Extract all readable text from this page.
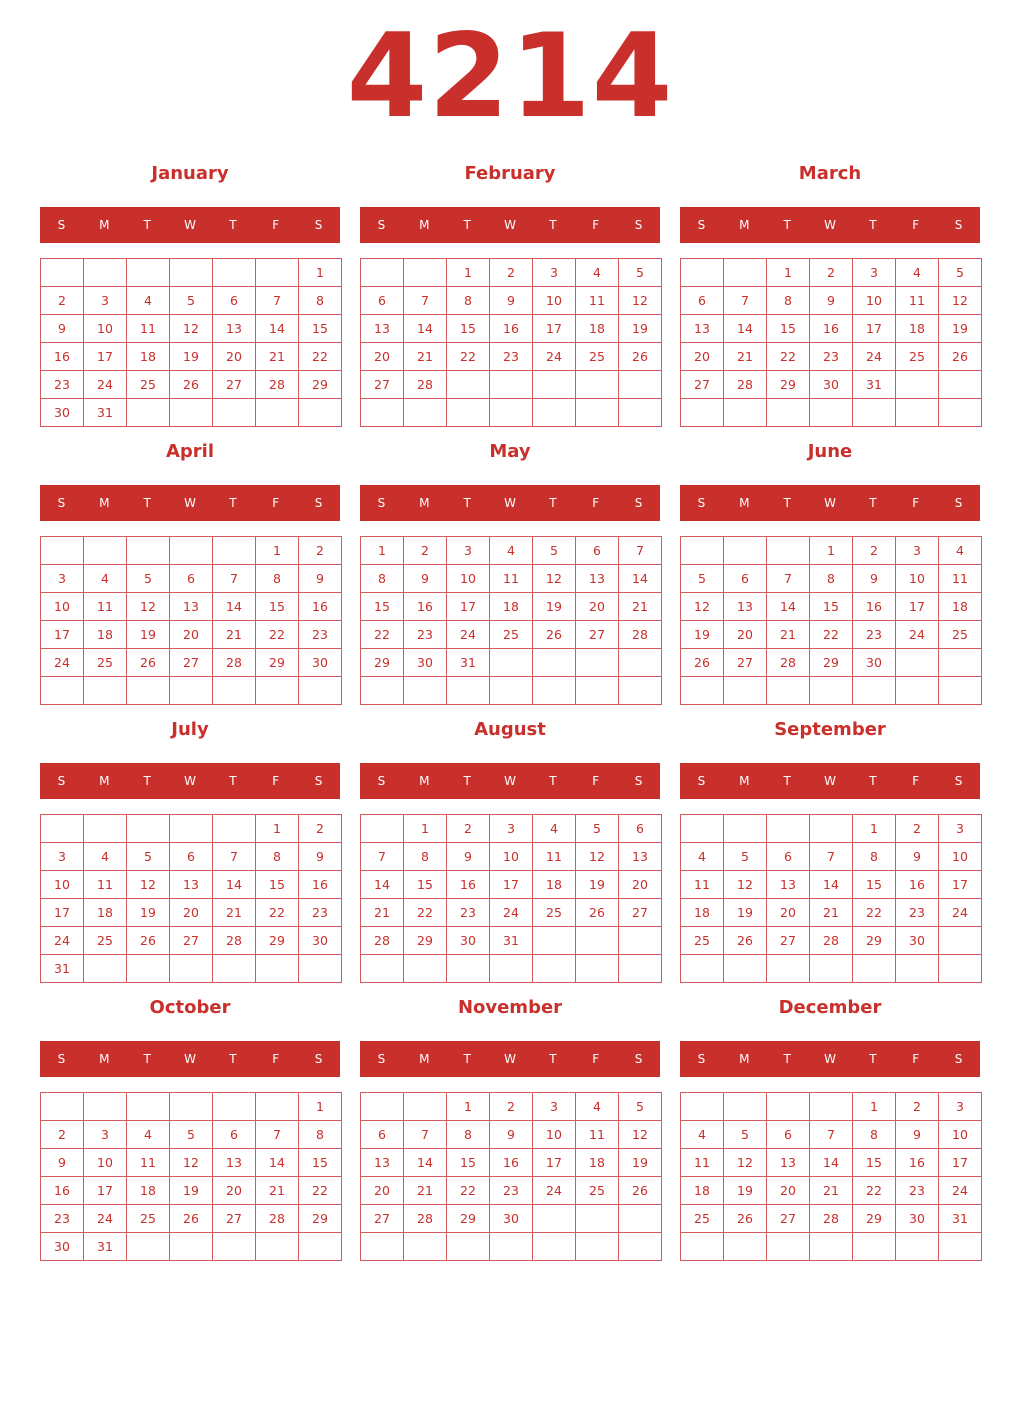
4214
January
S	M	T	W	T	F	S
						1
2	3	4	5	6	7	8
9	10	11	12	13	14	15
16	17	18	19	20	21	22
23	24	25	26	27	28	29
30	31					
February
S	M	T	W	T	F	S
		1	2	3	4	5
6	7	8	9	10	11	12
13	14	15	16	17	18	19
20	21	22	23	24	25	26
27	28					

March
S	M	T	W	T	F	S
		1	2	3	4	5
6	7	8	9	10	11	12
13	14	15	16	17	18	19
20	21	22	23	24	25	26
27	28	29	30	31		

April
S	M	T	W	T	F	S
					1	2
3	4	5	6	7	8	9
10	11	12	13	14	15	16
17	18	19	20	21	22	23
24	25	26	27	28	29	30

May
S	M	T	W	T	F	S
1	2	3	4	5	6	7
8	9	10	11	12	13	14
15	16	17	18	19	20	21
22	23	24	25	26	27	28
29	30	31				

June
S	M	T	W	T	F	S
			1	2	3	4
5	6	7	8	9	10	11
12	13	14	15	16	17	18
19	20	21	22	23	24	25
26	27	28	29	30		

July
S	M	T	W	T	F	S
					1	2
3	4	5	6	7	8	9
10	11	12	13	14	15	16
17	18	19	20	21	22	23
24	25	26	27	28	29	30
31						
August
S	M	T	W	T	F	S
	1	2	3	4	5	6
7	8	9	10	11	12	13
14	15	16	17	18	19	20
21	22	23	24	25	26	27
28	29	30	31			

September
S	M	T	W	T	F	S
				1	2	3
4	5	6	7	8	9	10
11	12	13	14	15	16	17
18	19	20	21	22	23	24
25	26	27	28	29	30	

October
S	M	T	W	T	F	S
						1
2	3	4	5	6	7	8
9	10	11	12	13	14	15
16	17	18	19	20	21	22
23	24	25	26	27	28	29
30	31					
November
S	M	T	W	T	F	S
		1	2	3	4	5
6	7	8	9	10	11	12
13	14	15	16	17	18	19
20	21	22	23	24	25	26
27	28	29	30			

December
S	M	T	W	T	F	S
				1	2	3
4	5	6	7	8	9	10
11	12	13	14	15	16	17
18	19	20	21	22	23	24
25	26	27	28	29	30	31
